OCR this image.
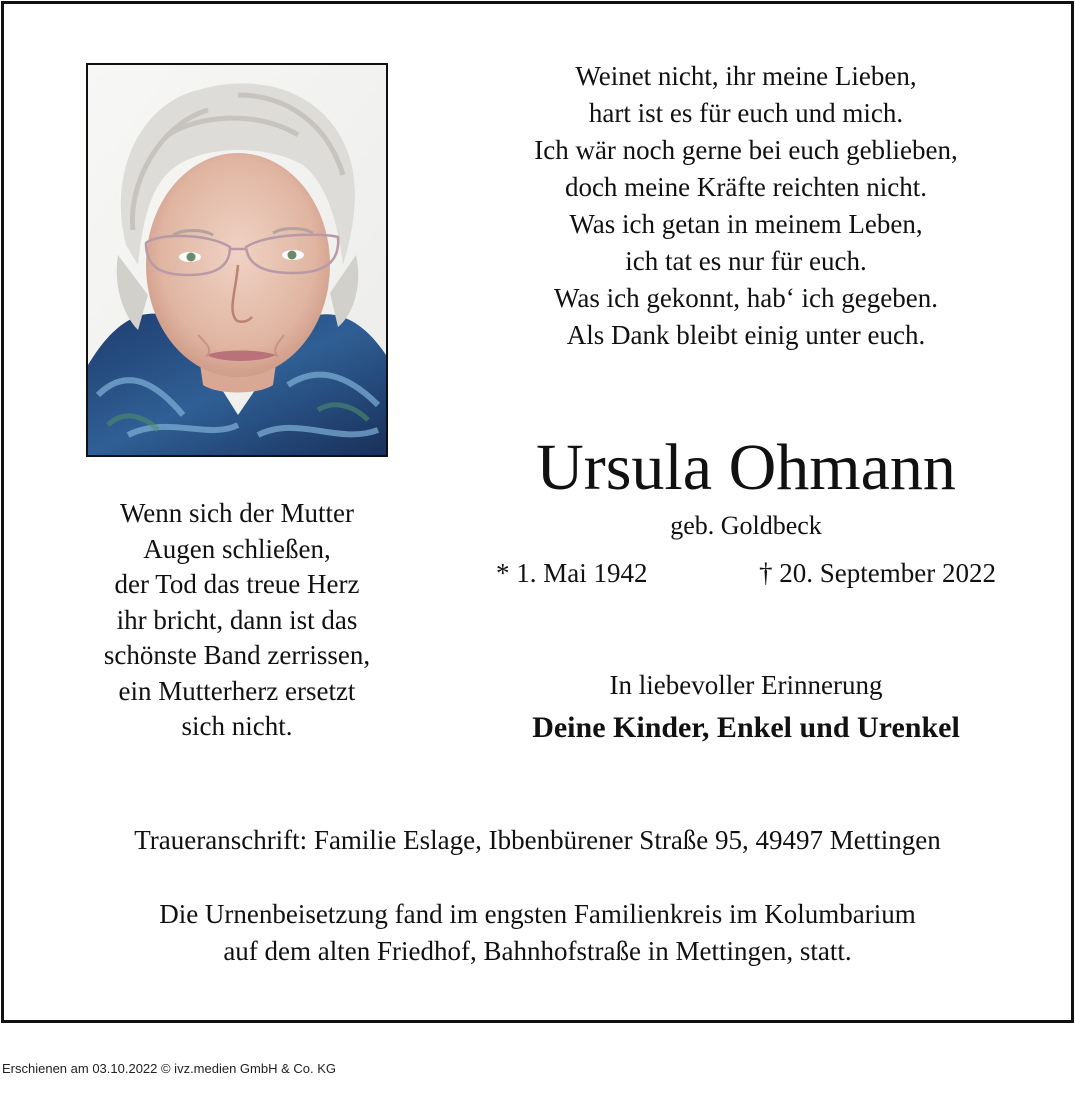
Weinet nicht, ihr meine Lieben,
hart ist es für euch und mich.
Ich wär noch gerne bei euch geblieben,
doch meine Kräfte reichten nicht.
Was ich getan in meinem Leben,
ich tat es nur für euch.
Was ich gekonnt, hab‘ ich gegeben.
Als Dank bleibt einig unter euch.
Ursula Ohmann
geb. Goldbeck
* 1. Mai 1942	† 20. September 2022
Wenn sich der Mutter
Augen schließen,
der Tod das treue Herz
ihr bricht, dann ist das
schönste Band zerrissen,
ein Mutterherz ersetzt
sich nicht.
In liebevoller Erinnerung
Deine Kinder, Enkel und Urenkel
Traueranschrift: Familie Eslage, Ibbenbürener Straße 95, 49497 Mettingen
Die Urnenbeisetzung fand im engsten Familienkreis im Kolumbarium
auf dem alten Friedhof, Bahnhofstraße in Mettingen, statt.
Erschienen am 03.10.2022 © ivz.medien GmbH & Co. KG
